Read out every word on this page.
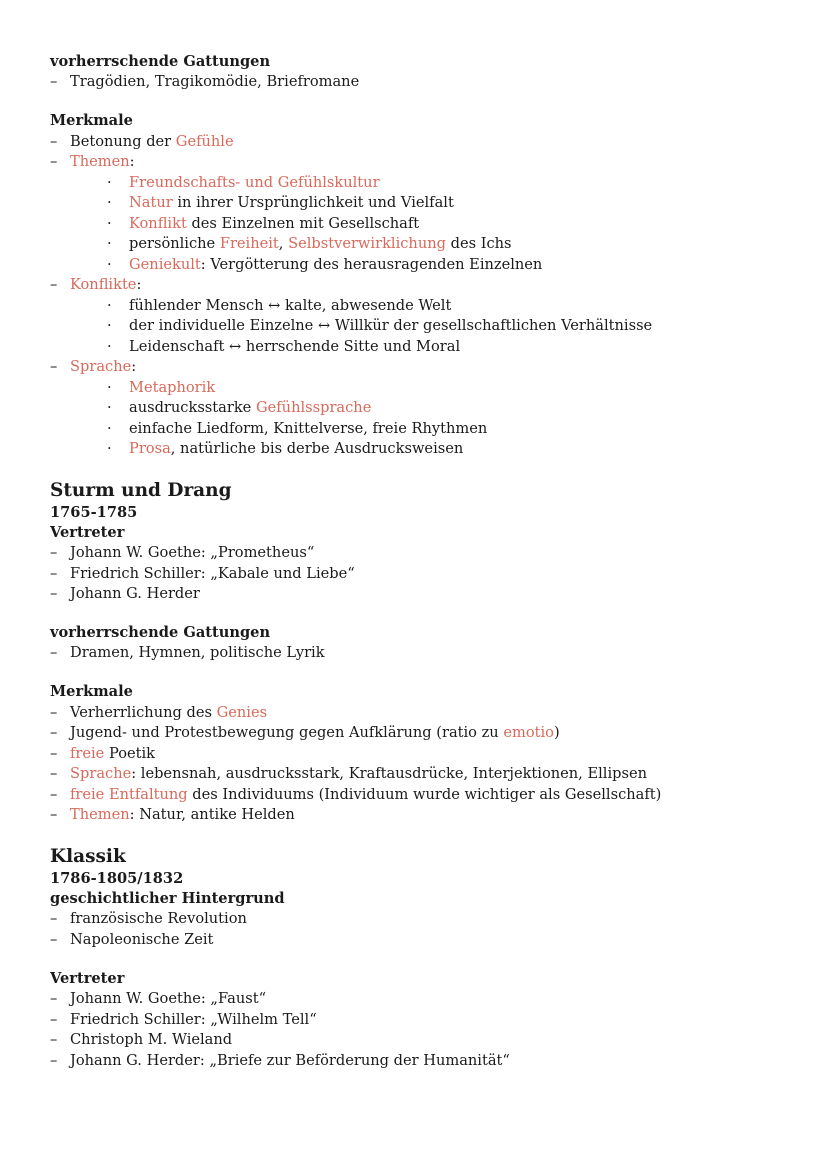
vorherrschende Gattungen
– Tragödien, Tragikomödie, Briefromane
Merkmale
– Betonung der Gefühle
– Themen:
· Freundschafts- und Gefühlskultur
· Natur in ihrer Ursprünglichkeit und Vielfalt
· Konflikt des Einzelnen mit Gesellschaft
· persönliche Freiheit, Selbstverwirklichung des Ichs
· Geniekult: Vergötterung des herausragenden Einzelnen
– Konflikte:
· fühlender Mensch ↔ kalte, abwesende Welt
· der individuelle Einzelne ↔ Willkür der gesellschaftlichen Verhältnisse
· Leidenschaft ↔ herrschende Sitte und Moral
– Sprache:
· Metaphorik
· ausdrucksstarke Gefühlssprache
· einfache Liedform, Knittelverse, freie Rhythmen
· Prosa, natürliche bis derbe Ausdrucksweisen
Sturm und Drang
1765-1785
Vertreter
– Johann W. Goethe: „Prometheus“
– Friedrich Schiller: „Kabale und Liebe“
– Johann G. Herder
vorherrschende Gattungen
– Dramen, Hymnen, politische Lyrik
Merkmale
– Verherrlichung des Genies
– Jugend- und Protestbewegung gegen Aufklärung (ratio zu emotio)
– freie Poetik
– Sprache: lebensnah, ausdrucksstark, Kraftausdrücke, Interjektionen, Ellipsen
– freie Entfaltung des Individuums (Individuum wurde wichtiger als Gesellschaft)
– Themen: Natur, antike Helden
Klassik
1786-1805/1832
geschichtlicher Hintergrund
– französische Revolution
– Napoleonische Zeit
Vertreter
– Johann W. Goethe: „Faust“
– Friedrich Schiller: „Wilhelm Tell“
– Christoph M. Wieland
– Johann G. Herder: „Briefe zur Beförderung der Humanität“
